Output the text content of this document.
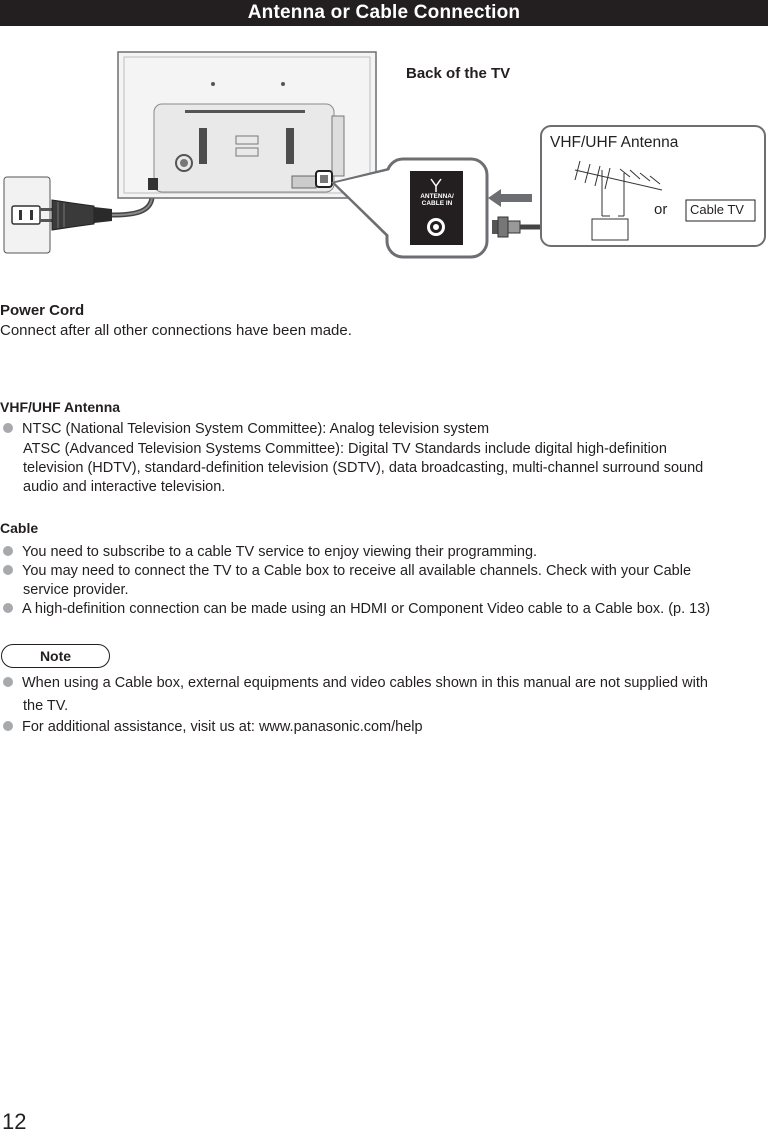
Antenna or Cable Connection
Back of the TV
VHF/UHF Antenna
or Cable TV
ANTENNA/
CABLE IN
Power Cord
Connect after all other connections have been made.
VHF/UHF Antenna
NTSC (National Television System Committee): Analog television system
ATSC (Advanced Television Systems Committee): Digital TV Standards include digital high-definition
television (HDTV), standard-definition television (SDTV), data broadcasting, multi-channel surround sound
audio and interactive television.
Cable
You need to subscribe to a cable TV service to enjoy viewing their programming.
You may need to connect the TV to a Cable box to receive all available channels. Check with your Cable
service provider.
A high-definition connection can be made using an HDMI or Component Video cable to a Cable box. (p. 13)
Note
When using a Cable box, external equipments and video cables shown in this manual are not supplied with
the TV.
For additional assistance, visit us at: www.panasonic.com/help
12
